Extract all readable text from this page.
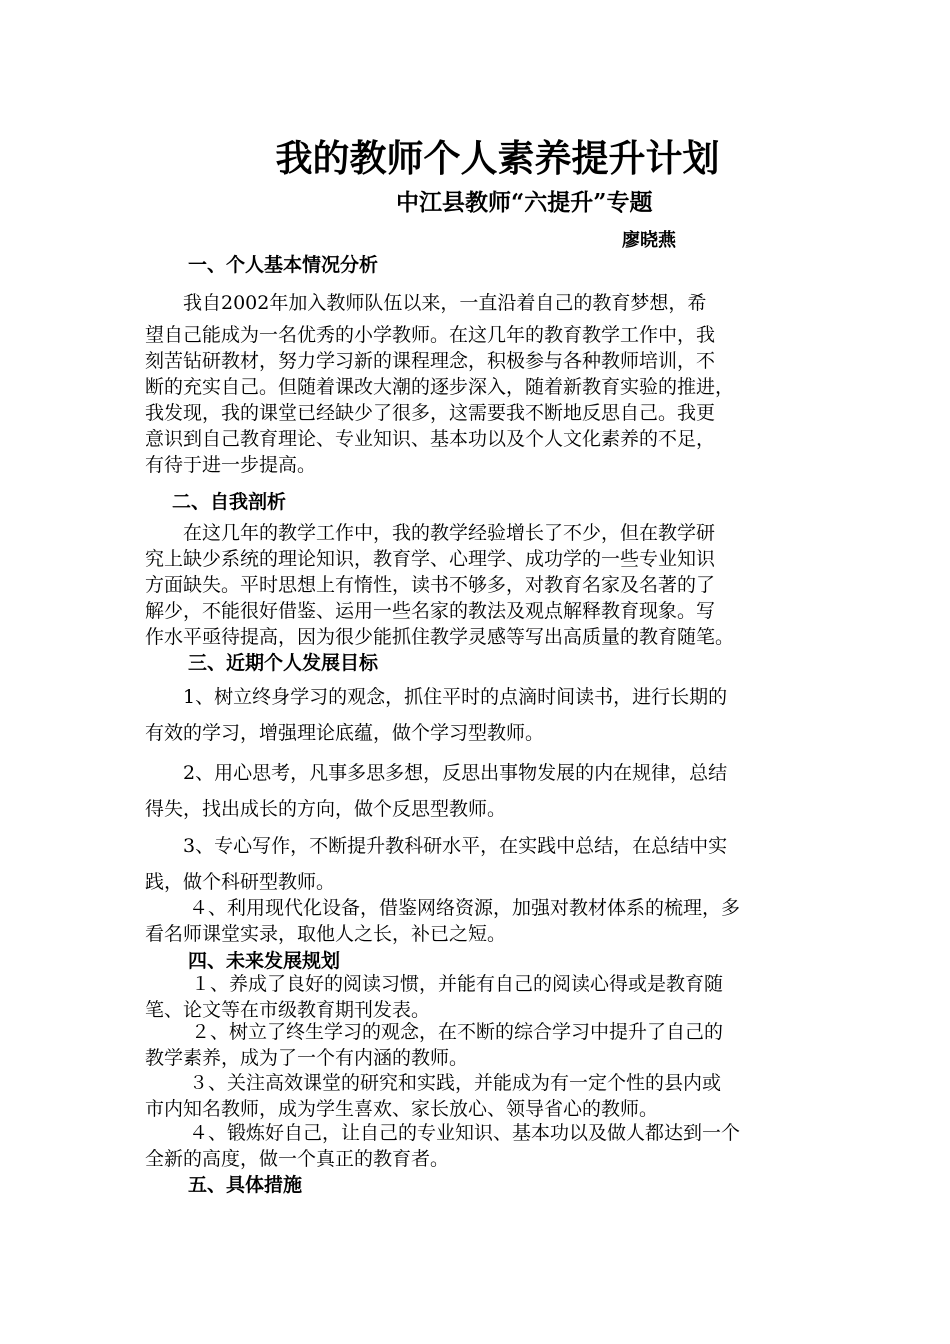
我的教师个人素养提升计划
中江县教师“六提升”专题
廖晓燕
一、个人基本情况分析
我自2002年加入教师队伍以来，一直沿着自己的教育梦想，希
望自己能成为一名优秀的小学教师。在这几年的教育教学工作中，我
刻苦钻研教材，努力学习新的课程理念，积极参与各种教师培训，不
断的充实自己。但随着课改大潮的逐步深入，随着新教育实验的推进，
我发现，我的课堂已经缺少了很多，这需要我不断地反思自己。我更
意识到自己教育理论、专业知识、基本功以及个人文化素养的不足，
有待于进一步提高。
二、自我剖析
在这几年的教学工作中，我的教学经验增长了不少，但在教学研
究上缺少系统的理论知识，教育学、心理学、成功学的一些专业知识
方面缺失。平时思想上有惰性，读书不够多，对教育名家及名著的了
解少，不能很好借鉴、运用一些名家的教法及观点解释教育现象。写
作水平亟待提高，因为很少能抓住教学灵感等写出高质量的教育随笔。
三、近期个人发展目标
1、树立终身学习的观念，抓住平时的点滴时间读书，进行长期的
有效的学习，增强理论底蕴，做个学习型教师。
2、用心思考，凡事多思多想，反思出事物发展的内在规律，总结
得失，找出成长的方向，做个反思型教师。
3、专心写作，不断提升教科研水平，在实践中总结，在总结中实
践，做个科研型教师。
４、利用现代化设备，借鉴网络资源，加强对教材体系的梳理，多
看名师课堂实录，取他人之长，补已之短。
四、未来发展规划
１、养成了良好的阅读习惯，并能有自己的阅读心得或是教育随
笔、论文等在市级教育期刊发表。
２、树立了终生学习的观念，在不断的综合学习中提升了自己的
教学素养，成为了一个有内涵的教师。
３、关注高效课堂的研究和实践，并能成为有一定个性的县内或
市内知名教师，成为学生喜欢、家长放心、领导省心的教师。
４、锻炼好自己，让自己的专业知识、基本功以及做人都达到一个
全新的高度，做一个真正的教育者。
五、具体措施
